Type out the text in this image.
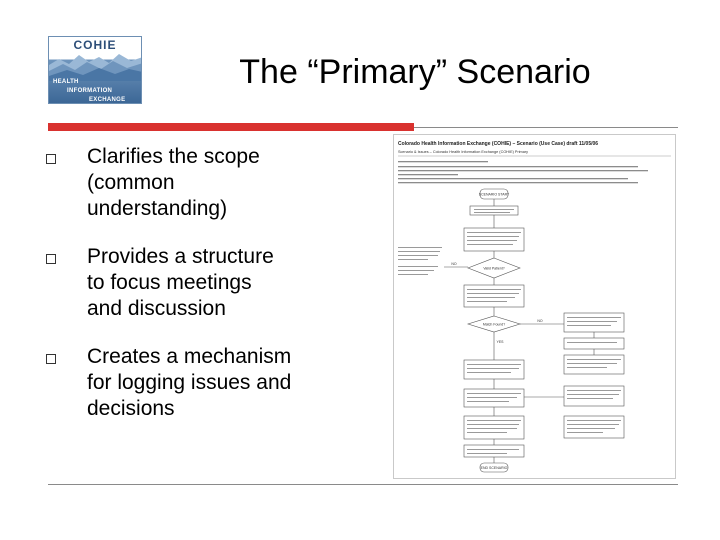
COHIE
HEALTH
INFORMATION
EXCHANGE
The “Primary” Scenario
Clarifies the scope
(common
understanding)
Provides a structure
to focus meetings
and discussion
Creates a mechanism
for logging issues and
decisions
Colorado Health Information Exchange (COHIE) – Scenario (Use Case) draft 11/05/06
Scenario & Issues – Colorado Health Information Exchange (COHIE) Primary
SCENARIO START
Valid Patient?
Match Found?
END SCENARIO
NO
NO
YES
